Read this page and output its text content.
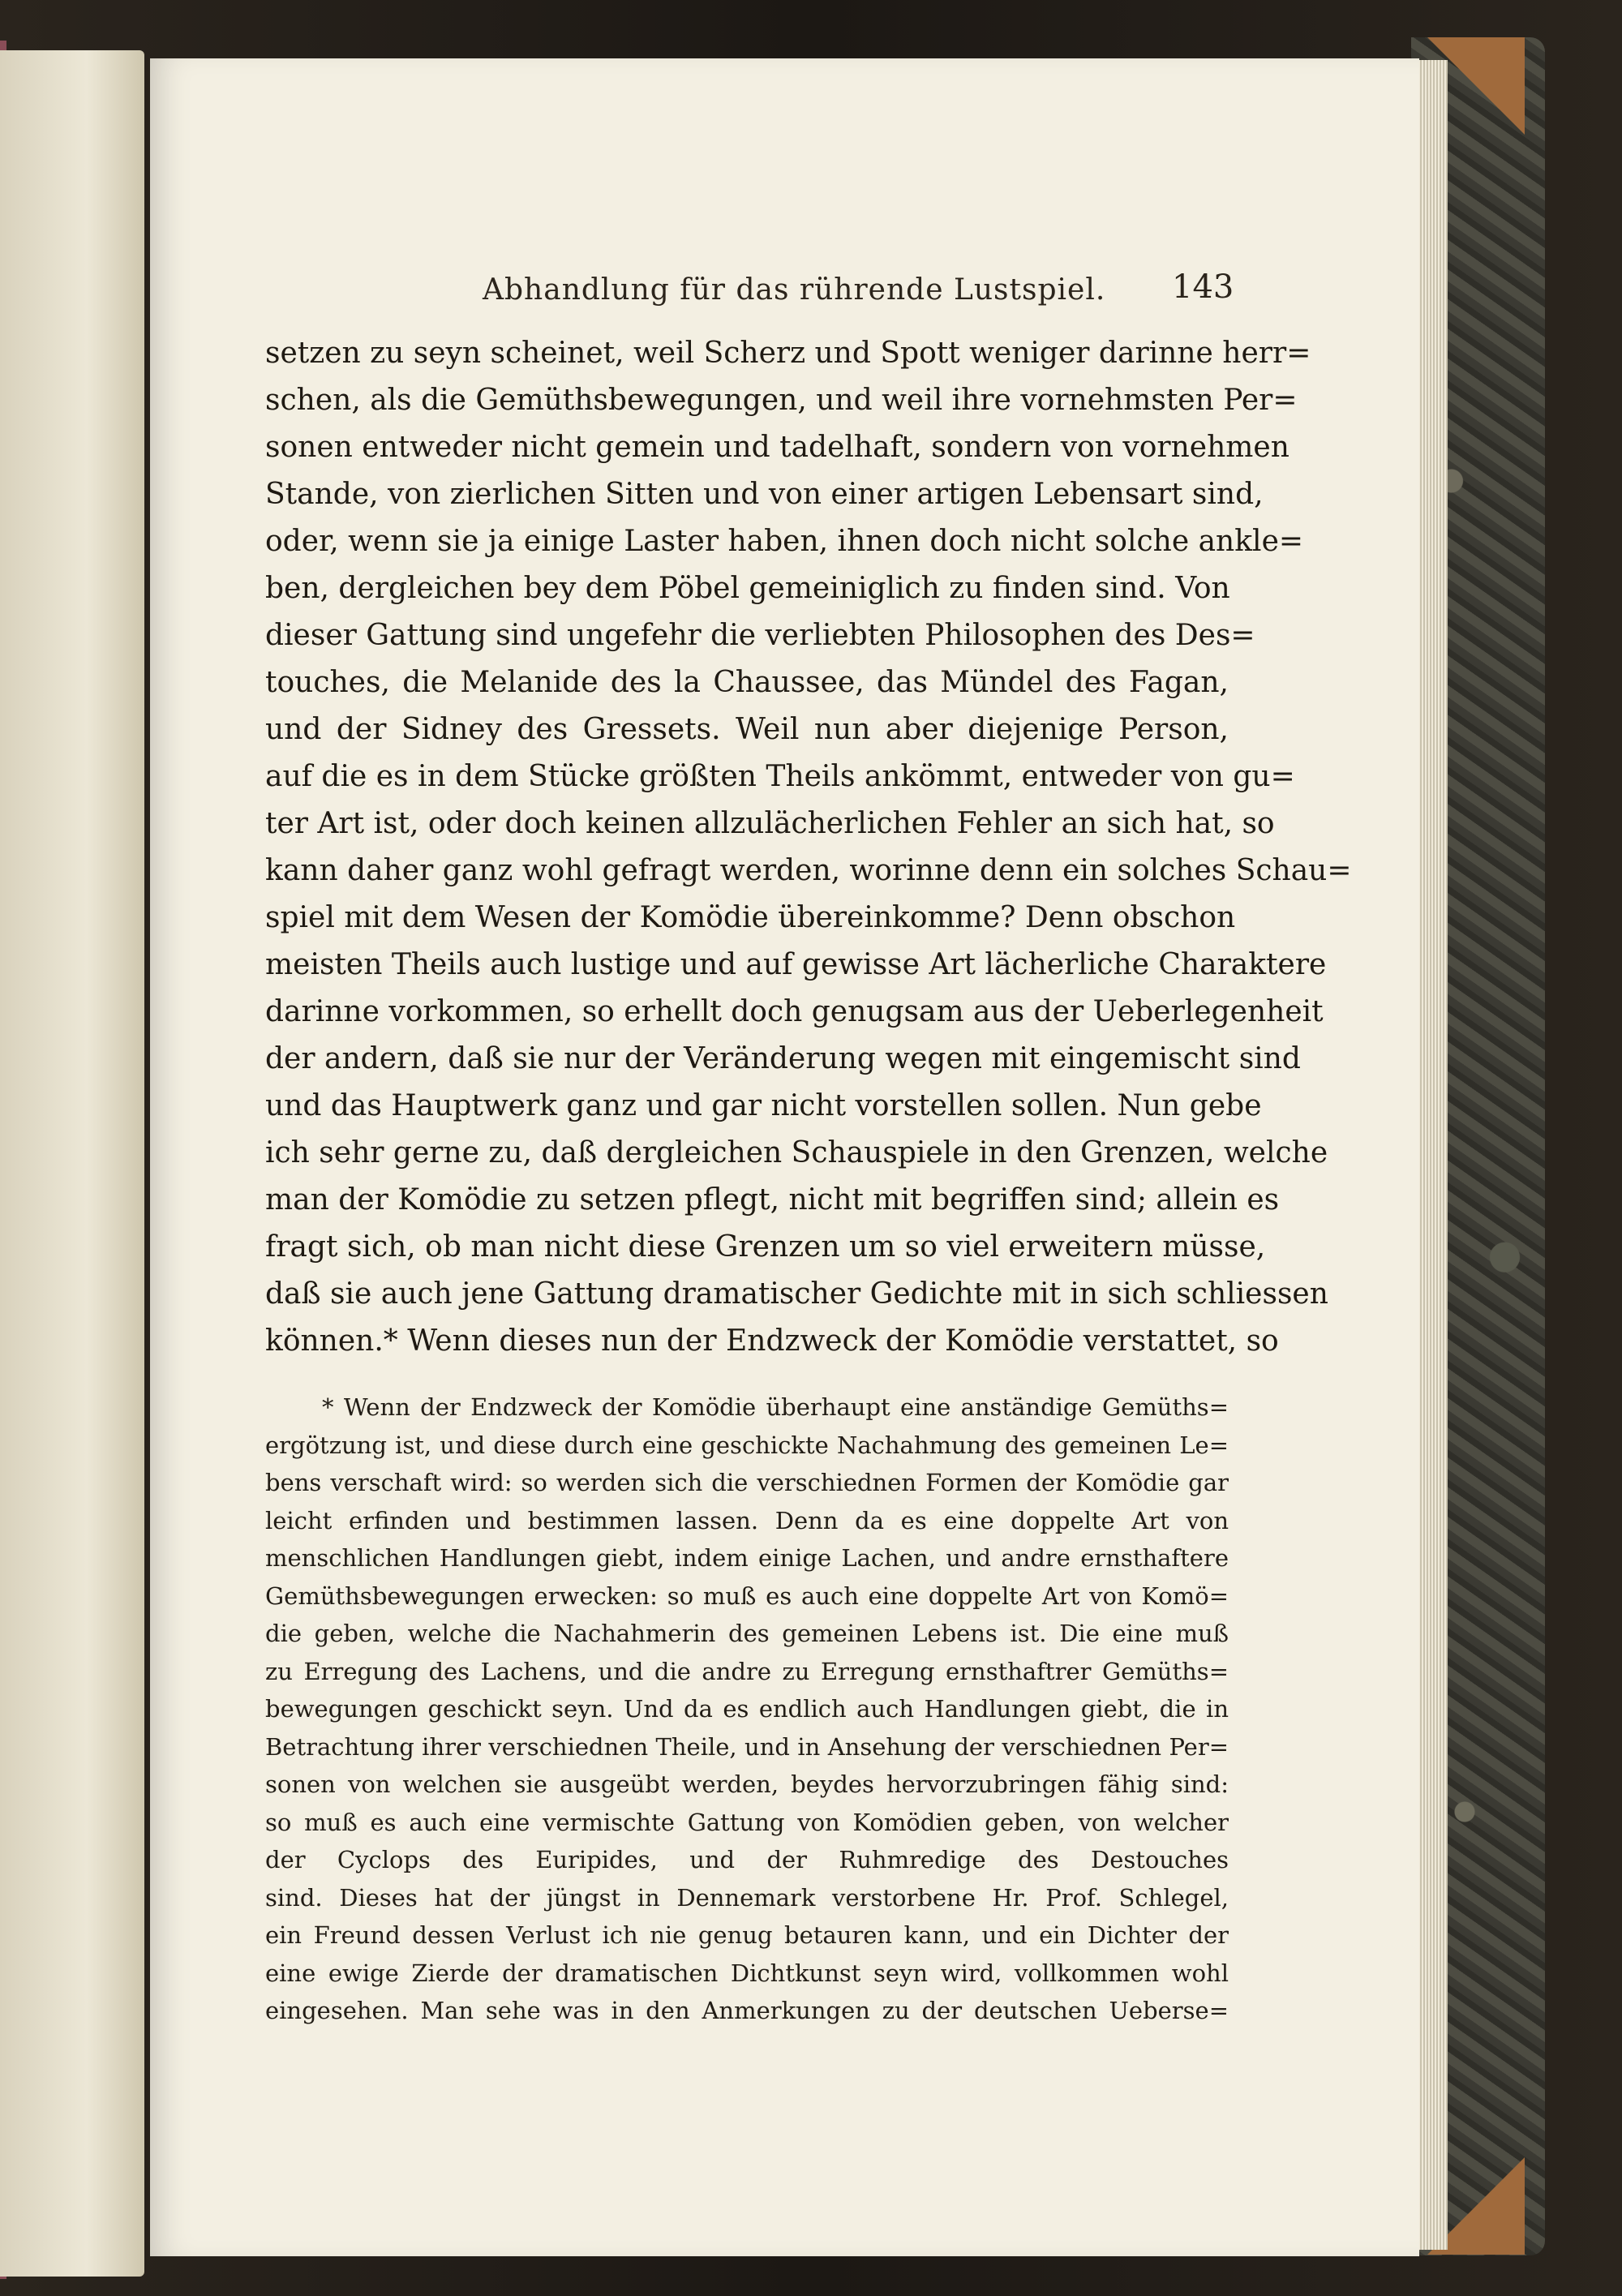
Abhandlung für das rührende Lustspiel. 143
setzen zu seyn scheinet, weil Scherz und Spott weniger darinne herr=
schen, als die Gemüthsbewegungen, und weil ihre vornehmsten Per=
sonen entweder nicht gemein und tadelhaft, sondern von vornehmen
Stande, von zierlichen Sitten und von einer artigen Lebensart sind,
oder, wenn sie ja einige Laster haben, ihnen doch nicht solche ankle=
ben, dergleichen bey dem Pöbel gemeiniglich zu finden sind. Von
dieser Gattung sind ungefehr die verliebten Philosophen des Des=
touches, die Melanide des la Chaussee, das Mündel des Fagan,
und der Sidney des Gressets. Weil nun aber diejenige Person,
auf die es in dem Stücke größten Theils ankömmt, entweder von gu=
ter Art ist, oder doch keinen allzulächerlichen Fehler an sich hat, so
kann daher ganz wohl gefragt werden, worinne denn ein solches Schau=
spiel mit dem Wesen der Komödie übereinkomme? Denn obschon
meisten Theils auch lustige und auf gewisse Art lächerliche Charaktere
darinne vorkommen, so erhellt doch genugsam aus der Ueberlegenheit
der andern, daß sie nur der Veränderung wegen mit eingemischt sind
und das Hauptwerk ganz und gar nicht vorstellen sollen. Nun gebe
ich sehr gerne zu, daß dergleichen Schauspiele in den Grenzen, welche
man der Komödie zu setzen pflegt, nicht mit begriffen sind; allein es
fragt sich, ob man nicht diese Grenzen um so viel erweitern müsse,
daß sie auch jene Gattung dramatischer Gedichte mit in sich schliessen
können.* Wenn dieses nun der Endzweck der Komödie verstattet, so
* Wenn der Endzweck der Komödie überhaupt eine anständige Gemüths=
ergötzung ist, und diese durch eine geschickte Nachahmung des gemeinen Le=
bens verschaft wird: so werden sich die verschiednen Formen der Komödie gar
leicht erfinden und bestimmen lassen. Denn da es eine doppelte Art von
menschlichen Handlungen giebt, indem einige Lachen, und andre ernsthaftere
Gemüthsbewegungen erwecken: so muß es auch eine doppelte Art von Komö=
die geben, welche die Nachahmerin des gemeinen Lebens ist. Die eine muß
zu Erregung des Lachens, und die andre zu Erregung ernsthaftrer Gemüths=
bewegungen geschickt seyn. Und da es endlich auch Handlungen giebt, die in
Betrachtung ihrer verschiednen Theile, und in Ansehung der verschiednen Per=
sonen von welchen sie ausgeübt werden, beydes hervorzubringen fähig sind:
so muß es auch eine vermischte Gattung von Komödien geben, von welcher
der Cyclops des Euripides, und der Ruhmredige des Destouches
sind. Dieses hat der jüngst in Dennemark verstorbene Hr. Prof. Schlegel,
ein Freund dessen Verlust ich nie genug betauren kann, und ein Dichter der
eine ewige Zierde der dramatischen Dichtkunst seyn wird, vollkommen wohl
eingesehen. Man sehe was in den Anmerkungen zu der deutschen Ueberse=
